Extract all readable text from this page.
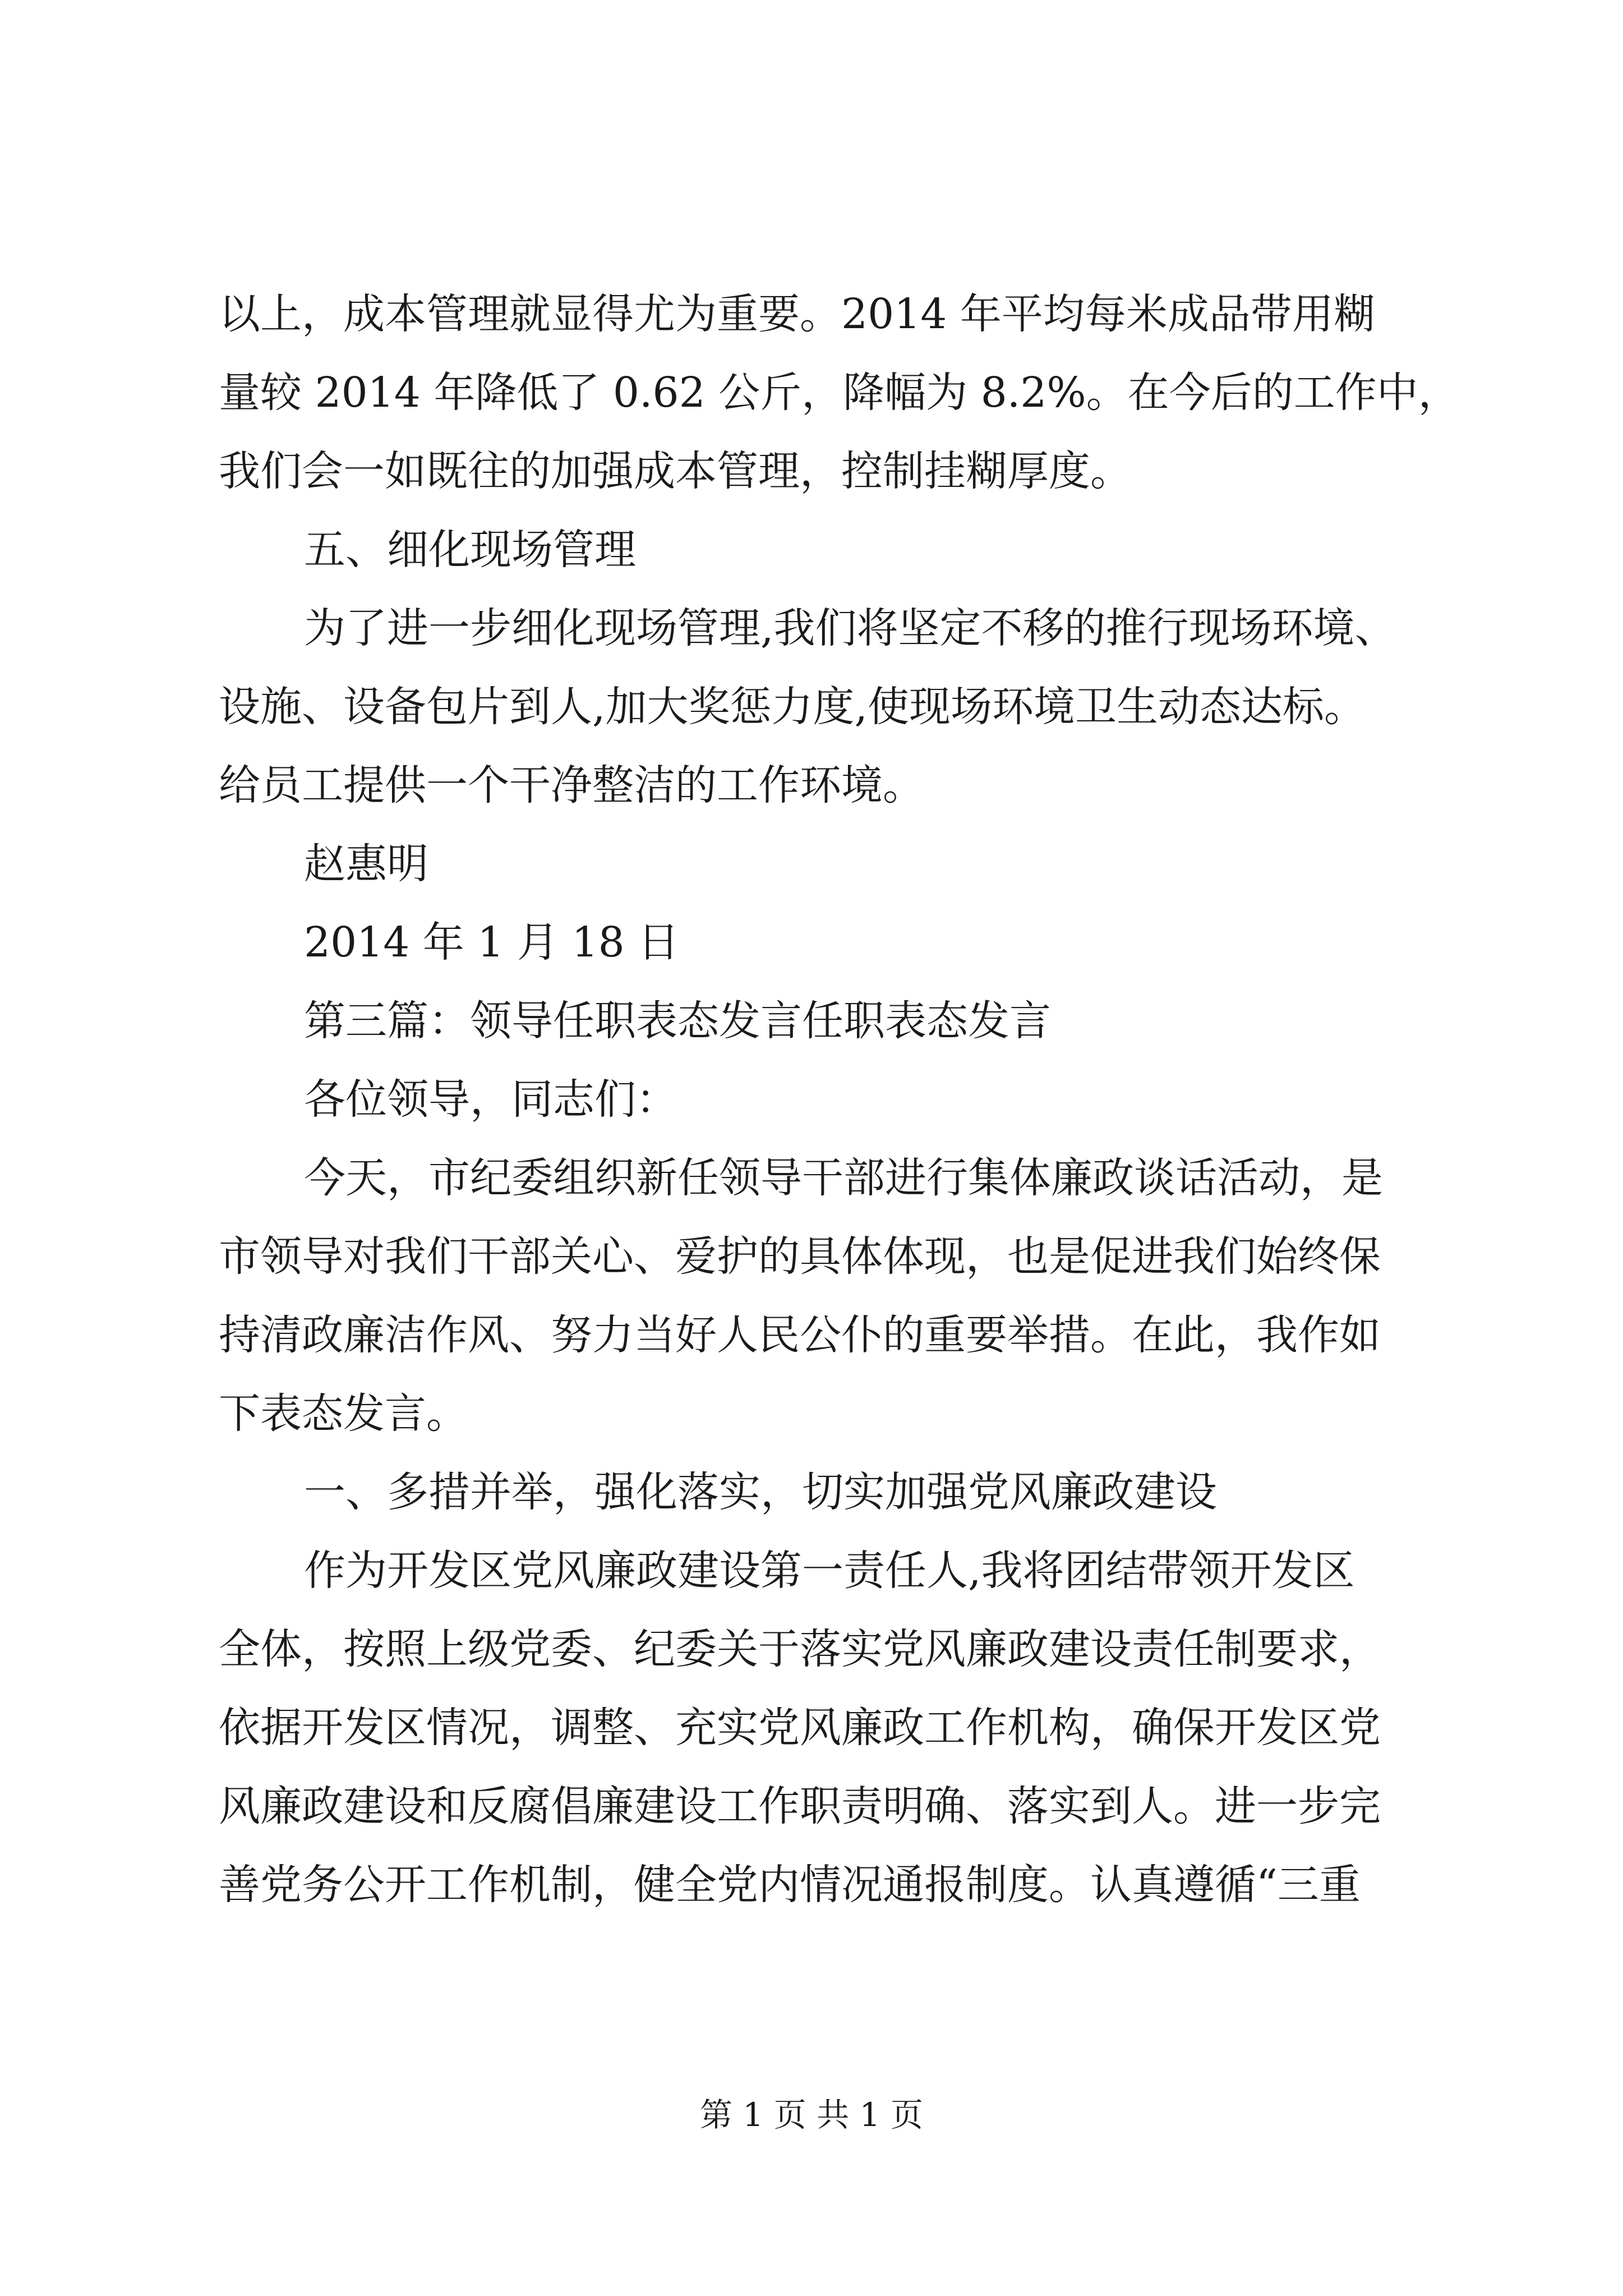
以上，成本管理就显得尤为重要。2014 年平均每米成品带用糊
量较 2014 年降低了 0.62 公斤，降幅为 8.2%。在今后的工作中，
我们会一如既往的加强成本管理，控制挂糊厚度。
五、细化现场管理
为了进一步细化现场管理,我们将坚定不移的推行现场环境、
设施、设备包片到人,加大奖惩力度,使现场环境卫生动态达标。
给员工提供一个干净整洁的工作环境。
赵惠明
2014 年 1 月 18 日
第三篇：领导任职表态发言任职表态发言
各位领导，同志们：
今天，市纪委组织新任领导干部进行集体廉政谈话活动，是
市领导对我们干部关心、爱护的具体体现，也是促进我们始终保
持清政廉洁作风、努力当好人民公仆的重要举措。在此，我作如
下表态发言。
一、多措并举，强化落实，切实加强党风廉政建设
作为开发区党风廉政建设第一责任人,我将团结带领开发区
全体，按照上级党委、纪委关于落实党风廉政建设责任制要求，
依据开发区情况，调整、充实党风廉政工作机构，确保开发区党
风廉政建设和反腐倡廉建设工作职责明确、落实到人。进一步完
善党务公开工作机制，健全党内情况通报制度。认真遵循“三重
第 1 页 共 1 页
